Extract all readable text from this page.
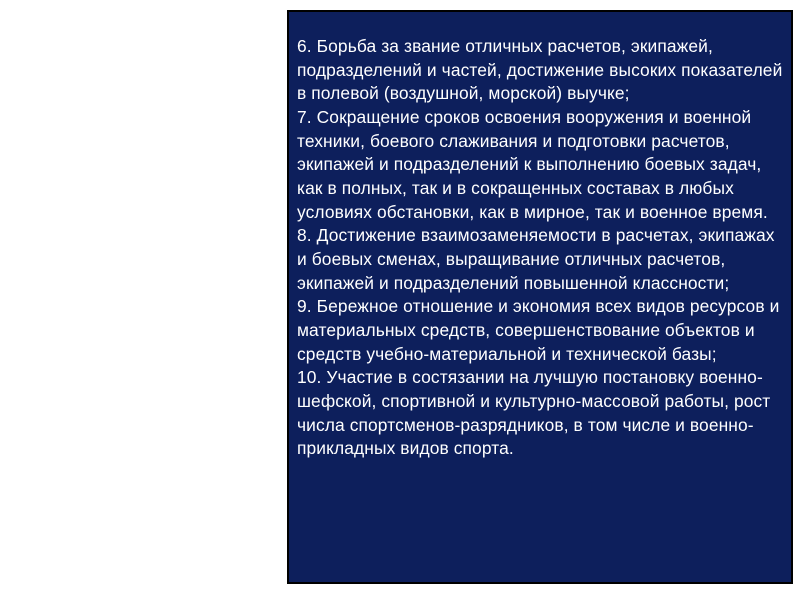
6. Борьба за звание отличных расчетов, экипажей, подразделений и частей, достижение высоких показателей в полевой (воздушной, морской) выучке;
7. Сокращение сроков освоения вооружения и военной техники, боевого слаживания и подготовки расчетов, экипажей и подразделений к выполнению боевых задач, как в полных, так и в сокращенных составах в любых условиях обстановки, как в мирное, так и военное время.
8. Достижение взаимозаменяемости в расчетах, экипажах и боевых сменах, выращивание отличных расчетов, экипажей и подразделений повышенной классности;
9. Бережное отношение и экономия всех видов ресурсов и материальных средств, совершенствование объектов и средств учебно-материальной и технической базы;
10. Участие в состязании на лучшую постановку военно-шефской, спортивной и культурно-массовой работы, рост числа спортсменов-разрядников, в том числе и военно-прикладных видов спорта.
